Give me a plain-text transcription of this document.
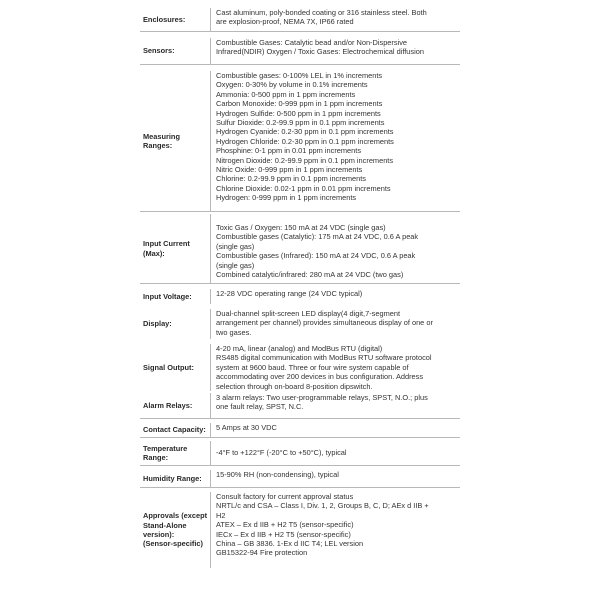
Enclosures:
Cast aluminum, poly-bonded coating or 316 stainless steel. Both
are explosion-proof, NEMA 7X, IP66 rated
Sensors:
Combustible Gases: Catalytic bead and/or Non-Dispersive
Infrared(NDIR) Oxygen / Toxic Gases: Electrochemical diffusion
Measuring
Ranges:
Combustible gases: 0-100% LEL in 1% increments
Oxygen: 0-30% by volume in 0.1% increments
Ammonia: 0-500 ppm in 1 ppm increments
Carbon Monoxide: 0-999 ppm in 1 ppm increments
Hydrogen Sulfide: 0-500 ppm in 1 ppm increments
Sulfur Dioxide: 0.2-99.9 ppm in 0.1 ppm increments
Hydrogen Cyanide: 0.2-30 ppm in 0.1 ppm increments
Hydrogen Chloride: 0.2-30 ppm in 0.1 ppm increments
Phosphine: 0-1 ppm in 0.01 ppm increments
Nitrogen Dioxide: 0.2-99.9 ppm in 0.1 ppm increments
Nitric Oxide: 0-999 ppm in 1 ppm increments
Chlorine: 0.2-99.9 ppm in 0.1 ppm increments
Chlorine Dioxide: 0.02-1 ppm in 0.01 ppm increments
Hydrogen: 0-999 ppm in 1 ppm increments
Input Current
(Max):
Toxic Gas / Oxygen: 150 mA at 24 VDC (single gas)
Combustible gases (Catalytic): 175 mA at 24 VDC, 0.6 A peak
(single gas)
Combustible gases (Infrared): 150 mA at 24 VDC, 0.6 A peak
(single gas)
Combined catalytic/infrared: 280 mA at 24 VDC (two gas)
Input Voltage:	12-28 VDC operating range (24 VDC typical)
Display:
Dual-channel split-screen LED display(4 digit,7-segment
arrangement per channel) provides simultaneous display of one or
two gases.
Signal Output:
4-20 mA, linear (analog) and ModBus RTU (digital)
RS485 digital communication with ModBus RTU software protocol
system at 9600 baud. Three or four wire system capable of
accommodating over 200 devices in bus configuration. Address
selection through on-board 8-position dipswitch.
Alarm Relays:
3 alarm relays: Two user-programmable relays, SPST, N.O.; plus
one fault relay, SPST, N.C.
Contact Capacity: 5 Amps at 30 VDC
Temperature
Range:
-4°F to +122°F (-20°C to +50°C), typical
Humidity Range: 15-90% RH (non-condensing), typical
Approvals (except
Stand-Alone
version):
(Sensor-specific)
Consult factory for current approval status
NRTL/c and CSA – Class I, Div. 1, 2, Groups B, C, D; AEx d IIB +
H2
ATEX – Ex d IIB + H2 T5 (sensor-specific)
IECx – Ex d IIB + H2 T5 (sensor-specific)
China – GB 3836. 1-Ex d IIC T4; LEL version
GB15322-94 Fire protection
